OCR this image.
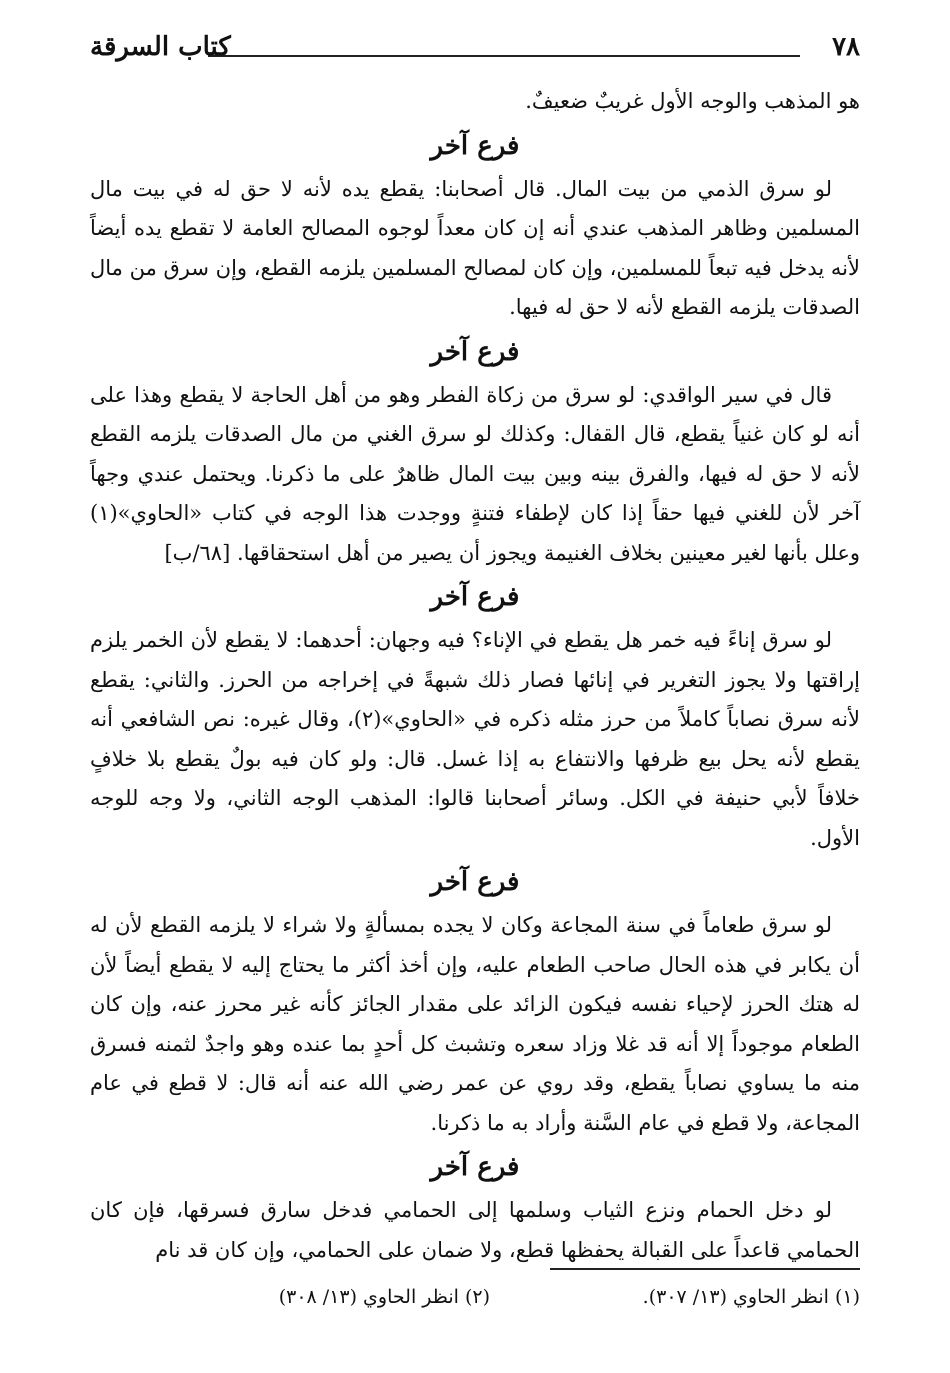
٧٨
كتاب السرقة

هو المذهب والوجه الأول غريبٌ ضعيفٌ.

فرع آخر

لو سرق الذمي من بيت المال. قال أصحابنا: يقطع يده لأنه لا حق له في بيت مال المسلمين وظاهر المذهب عندي أنه إن كان معداً لوجوه المصالح العامة لا تقطع يده أيضاً لأنه يدخل فيه تبعاً للمسلمين، وإن كان لمصالح المسلمين يلزمه القطع، وإن سرق من مال الصدقات يلزمه القطع لأنه لا حق له فيها.

فرع آخر

قال في سير الواقدي: لو سرق من زكاة الفطر وهو من أهل الحاجة لا يقطع وهذا على أنه لو كان غنياً يقطع، قال القفال: وكذلك لو سرق الغني من مال الصدقات يلزمه القطع لأنه لا حق له فيها، والفرق بينه وبين بيت المال ظاهرٌ على ما ذكرنا. ويحتمل عندي وجهاً آخر لأن للغني فيها حقاً إذا كان لإطفاء فتنةٍ ووجدت هذا الوجه في كتاب «الحاوي»(١) وعلل بأنها لغير معينين بخلاف الغنيمة ويجوز أن يصير من أهل استحقاقها. [٦٨/ب]

فرع آخر

لو سرق إناءً فيه خمر هل يقطع في الإناء؟ فيه وجهان: أحدهما: لا يقطع لأن الخمر يلزم إراقتها ولا يجوز التغرير في إنائها فصار ذلك شبهةً في إخراجه من الحرز. والثاني: يقطع لأنه سرق نصاباً كاملاً من حرز مثله ذكره في «الحاوي»(٢)، وقال غيره: نص الشافعي أنه يقطع لأنه يحل بيع ظرفها والانتفاع به إذا غسل. قال: ولو كان فيه بولٌ يقطع بلا خلافٍ خلافاً لأبي حنيفة في الكل. وسائر أصحابنا قالوا: المذهب الوجه الثاني، ولا وجه للوجه الأول.

فرع آخر

لو سرق طعاماً في سنة المجاعة وكان لا يجده بمسألةٍ ولا شراء لا يلزمه القطع لأن له أن يكابر في هذه الحال صاحب الطعام عليه، وإن أخذ أكثر ما يحتاج إليه لا يقطع أيضاً لأن له هتك الحرز لإحياء نفسه فيكون الزائد على مقدار الجائز كأنه غير محرز عنه، وإن كان الطعام موجوداً إلا أنه قد غلا وزاد سعره وتشبث كل أحدٍ بما عنده وهو واجدٌ لثمنه فسرق منه ما يساوي نصاباً يقطع، وقد روي عن عمر رضي الله عنه أنه قال: لا قطع في عام المجاعة، ولا قطع في عام السَّنة وأراد به ما ذكرنا.

فرع آخر

لو دخل الحمام ونزع الثياب وسلمها إلى الحمامي فدخل سارق فسرقها، فإن كان الحمامي قاعداً على القبالة يحفظها قطع، ولا ضمان على الحمامي، وإن كان قد نام

(١) انظر الحاوي (١٣/ ٣٠٧).
(٢) انظر الحاوي (١٣/ ٣٠٨)
